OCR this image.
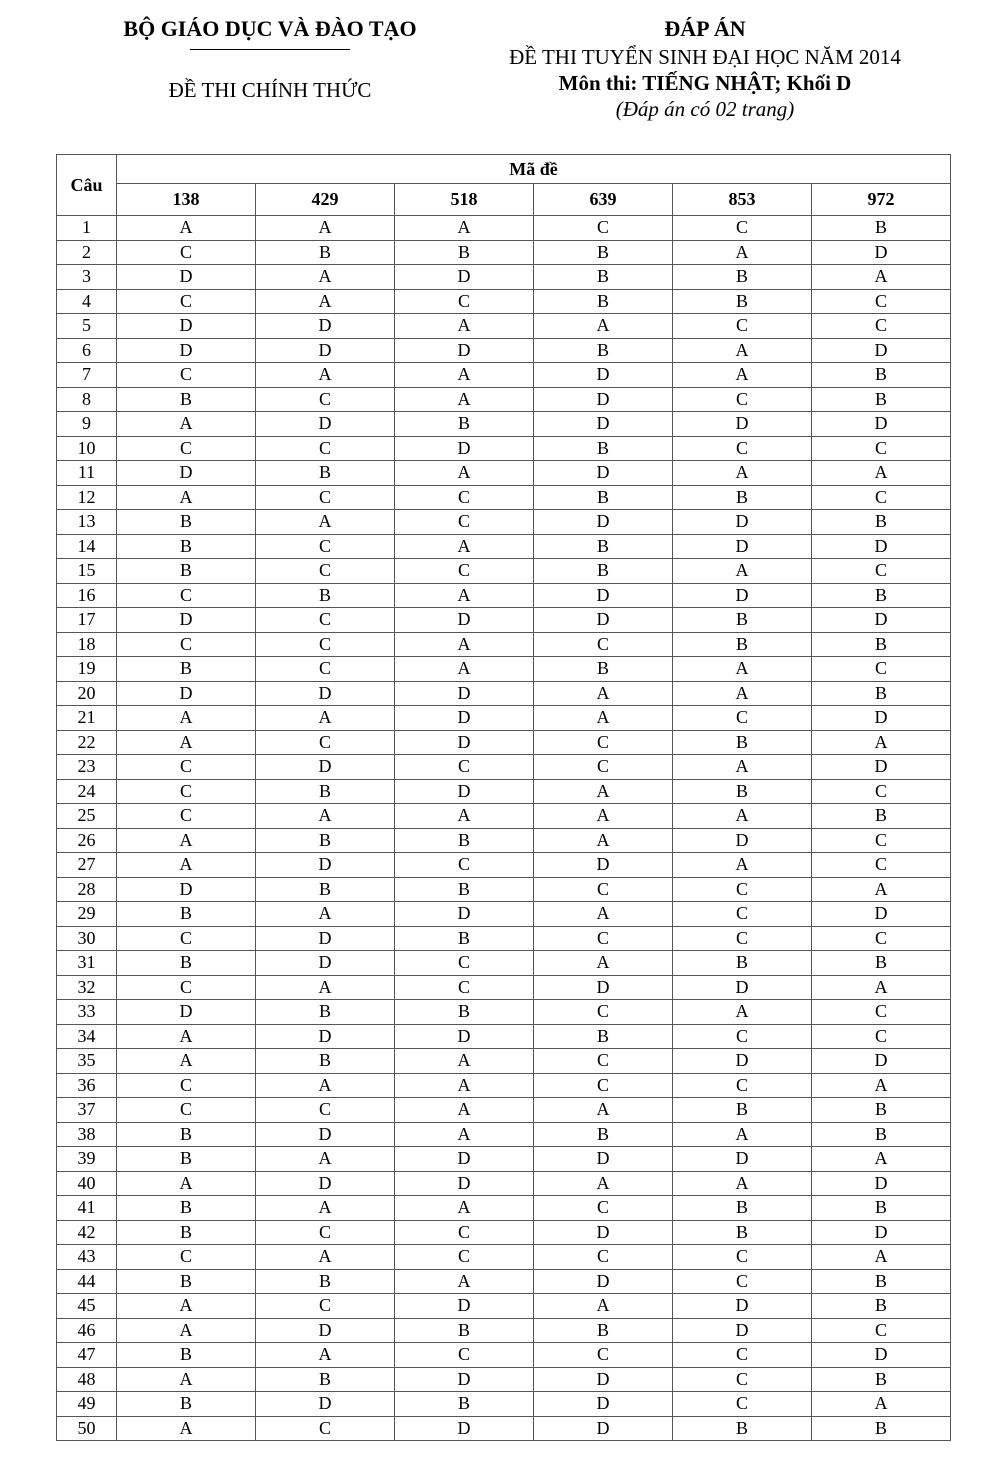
BỘ GIÁO DỤC VÀ ĐÀO TẠO
ĐỀ THI CHÍNH THỨC
ĐÁP ÁN
ĐỀ THI TUYỂN SINH ĐẠI HỌC NĂM 2014
Môn thi: TIẾNG NHẬT; Khối D
(Đáp án có 02 trang)
Câu	Mã đề					
	138	429	518	639	853	972
1	A	A	A	C	C	B
2	C	B	B	B	A	D
3	D	A	D	B	B	A
4	C	A	C	B	B	C
5	D	D	A	A	C	C
6	D	D	D	B	A	D
7	C	A	A	D	A	B
8	B	C	A	D	C	B
9	A	D	B	D	D	D
10	C	C	D	B	C	C
11	D	B	A	D	A	A
12	A	C	C	B	B	C
13	B	A	C	D	D	B
14	B	C	A	B	D	D
15	B	C	C	B	A	C
16	C	B	A	D	D	B
17	D	C	D	D	B	D
18	C	C	A	C	B	B
19	B	C	A	B	A	C
20	D	D	D	A	A	B
21	A	A	D	A	C	D
22	A	C	D	C	B	A
23	C	D	C	C	A	D
24	C	B	D	A	B	C
25	C	A	A	A	A	B
26	A	B	B	A	D	C
27	A	D	C	D	A	C
28	D	B	B	C	C	A
29	B	A	D	A	C	D
30	C	D	B	C	C	C
31	B	D	C	A	B	B
32	C	A	C	D	D	A
33	D	B	B	C	A	C
34	A	D	D	B	C	C
35	A	B	A	C	D	D
36	C	A	A	C	C	A
37	C	C	A	A	B	B
38	B	D	A	B	A	B
39	B	A	D	D	D	A
40	A	D	D	A	A	D
41	B	A	A	C	B	B
42	B	C	C	D	B	D
43	C	A	C	C	C	A
44	B	B	A	D	C	B
45	A	C	D	A	D	B
46	A	D	B	B	D	C
47	B	A	C	C	C	D
48	A	B	D	D	C	B
49	B	D	B	D	C	A
50	A	C	D	D	B	B
